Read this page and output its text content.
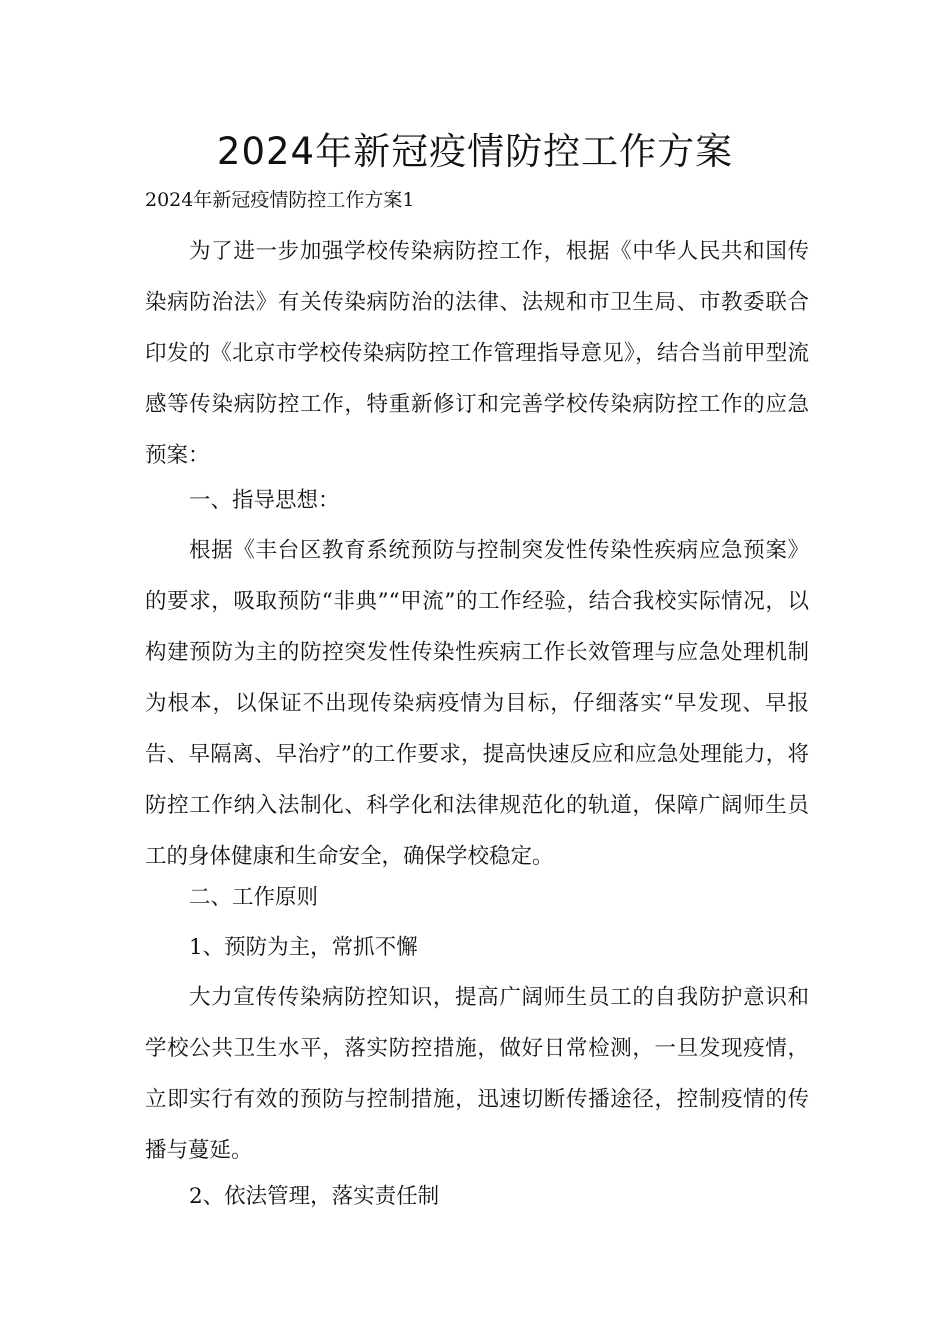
2024年新冠疫情防控工作方案

2024年新冠疫情防控工作方案1

为了进一步加强学校传染病防控工作，根据《中华人民共和国传染病防治法》有关传染病防治的法律、法规和市卫生局、市教委联合印发的《北京市学校传染病防控工作管理指导意见》，结合当前甲型流感等传染病防控工作，特重新修订和完善学校传染病防控工作的应急预案：

一、指导思想：

根据《丰台区教育系统预防与控制突发性传染性疾病应急预案》的要求，吸取预防“非典”“甲流”的工作经验，结合我校实际情况，以构建预防为主的防控突发性传染性疾病工作长效管理与应急处理机制为根本，以保证不出现传染病疫情为目标，仔细落实“早发现、早报告、早隔离、早治疗”的工作要求，提高快速反应和应急处理能力，将防控工作纳入法制化、科学化和法律规范化的轨道，保障广阔师生员工的身体健康和生命安全，确保学校稳定。

二、工作原则

1、预防为主，常抓不懈

大力宣传传染病防控知识，提高广阔师生员工的自我防护意识和学校公共卫生水平，落实防控措施，做好日常检测，一旦发现疫情，立即实行有效的预防与控制措施，迅速切断传播途径，控制疫情的传播与蔓延。

2、依法管理，落实责任制
